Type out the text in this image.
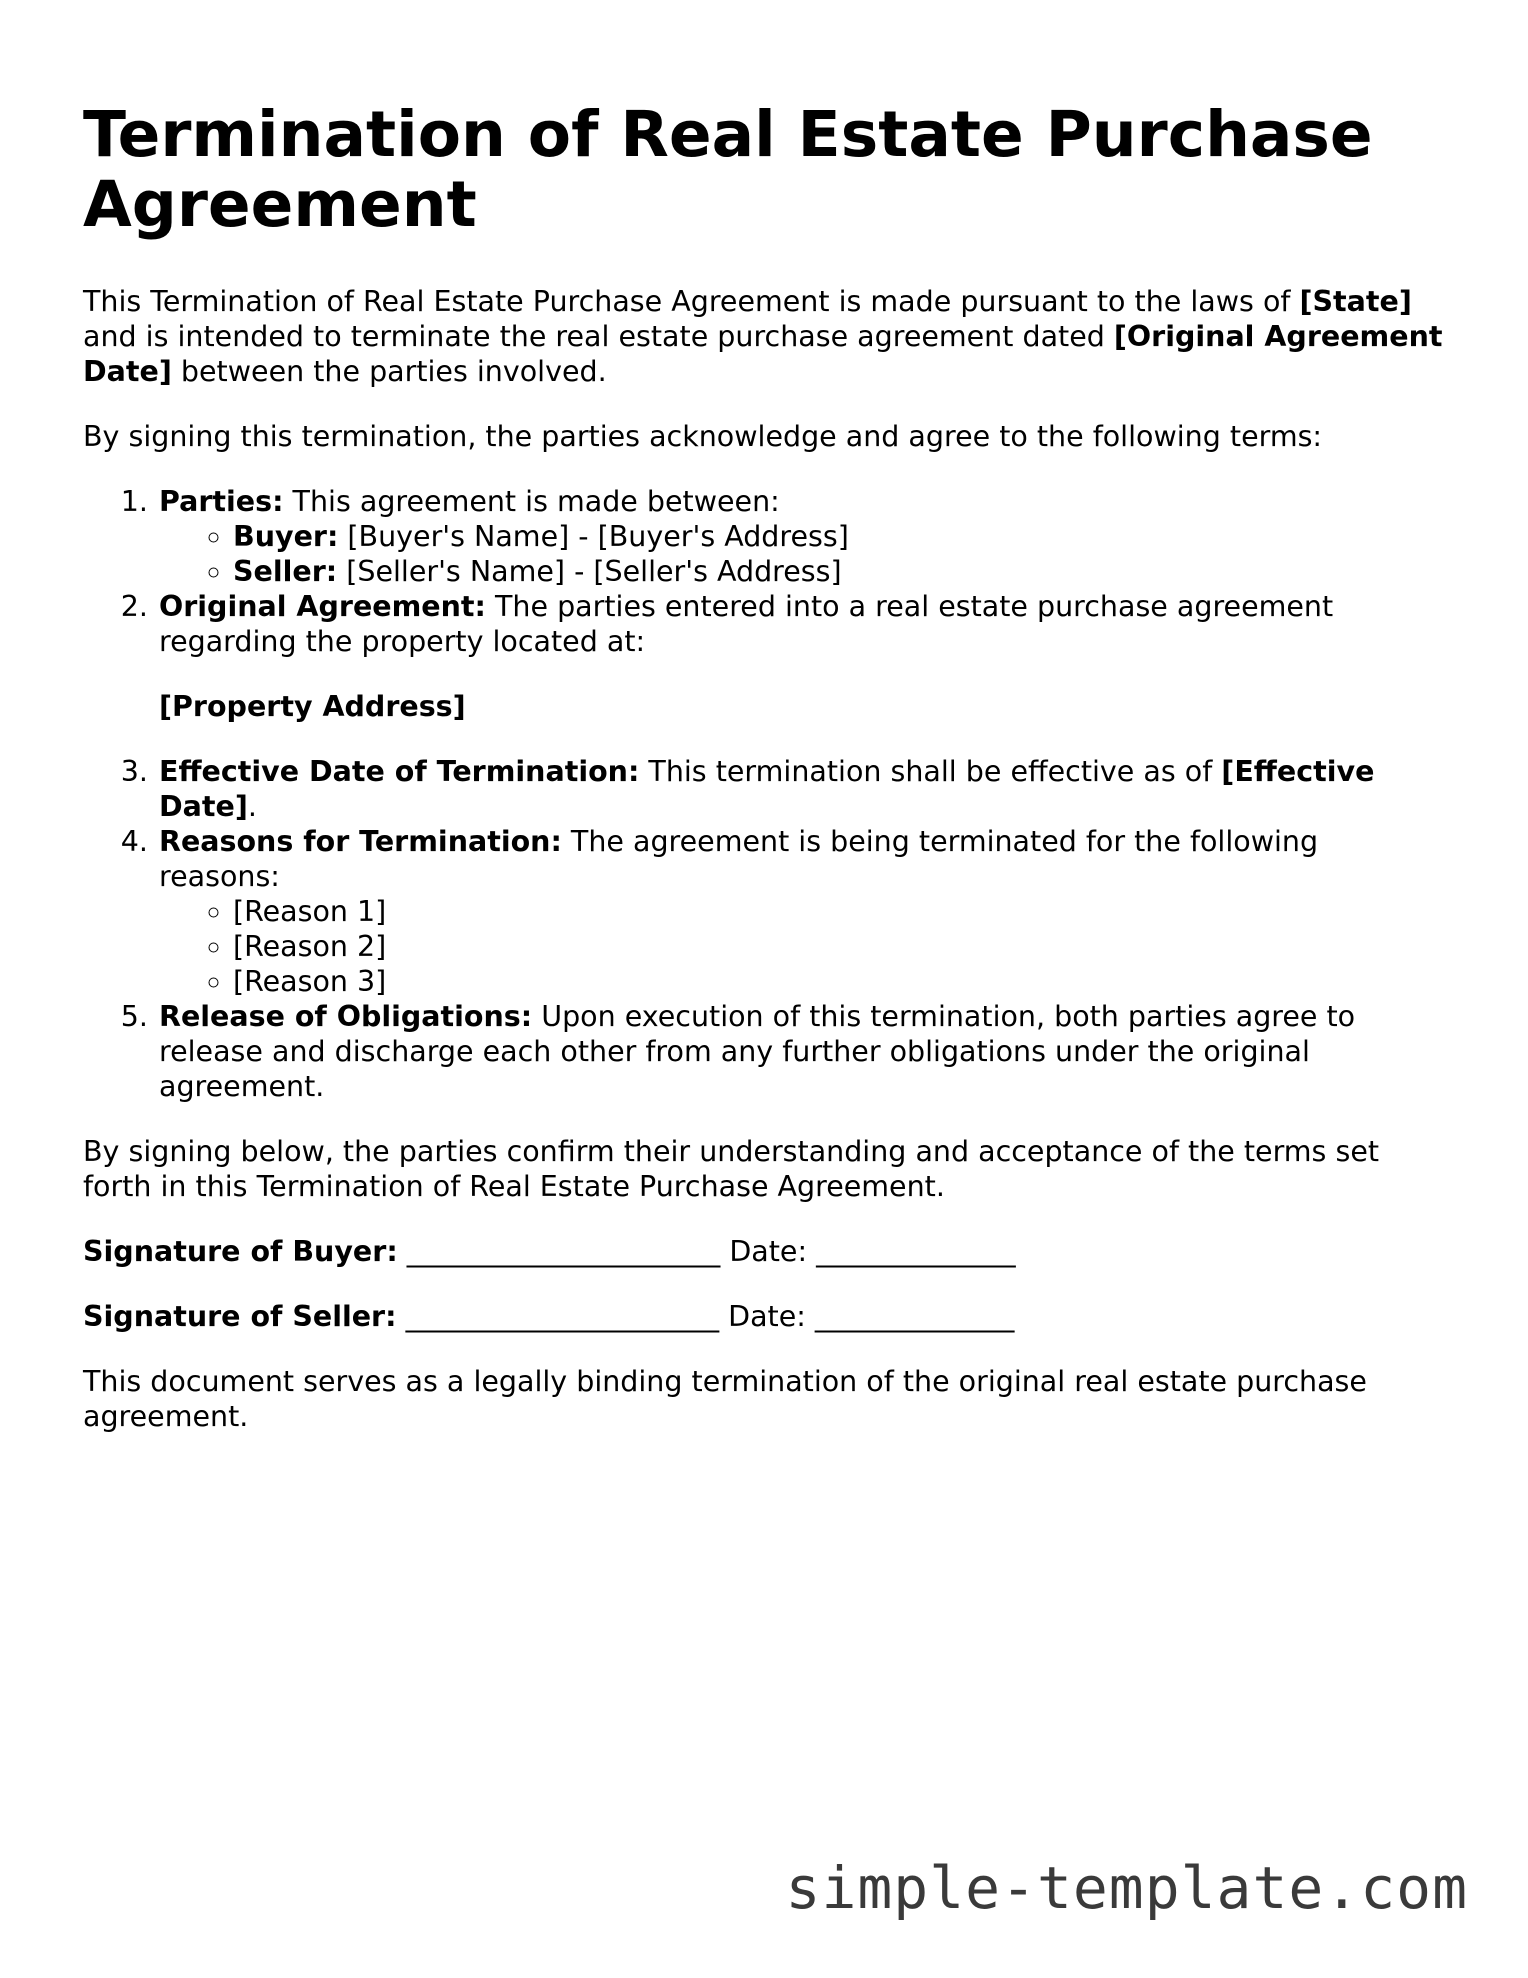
Termination of Real Estate Purchase Agreement

This Termination of Real Estate Purchase Agreement is made pursuant to the laws of [State] and is intended to terminate the real estate purchase agreement dated [Original Agreement Date] between the parties involved.

By signing this termination, the parties acknowledge and agree to the following terms:

1. Parties: This agreement is made between:
◦ Buyer: [Buyer's Name] - [Buyer's Address]
◦ Seller: [Seller's Name] - [Seller's Address]
2. Original Agreement: The parties entered into a real estate purchase agreement regarding the property located at:
[Property Address]
3. Effective Date of Termination: This termination shall be effective as of [Effective Date].
4. Reasons for Termination: The agreement is being terminated for the following reasons:
◦ [Reason 1]
◦ [Reason 2]
◦ [Reason 3]
5. Release of Obligations: Upon execution of this termination, both parties agree to release and discharge each other from any further obligations under the original agreement.

By signing below, the parties confirm their understanding and acceptance of the terms set forth in this Termination of Real Estate Purchase Agreement.

Signature of Buyer: ______________________ Date: ______________
Signature of Seller: ______________________ Date: ______________

This document serves as a legally binding termination of the original real estate purchase agreement.

simple-template.com
